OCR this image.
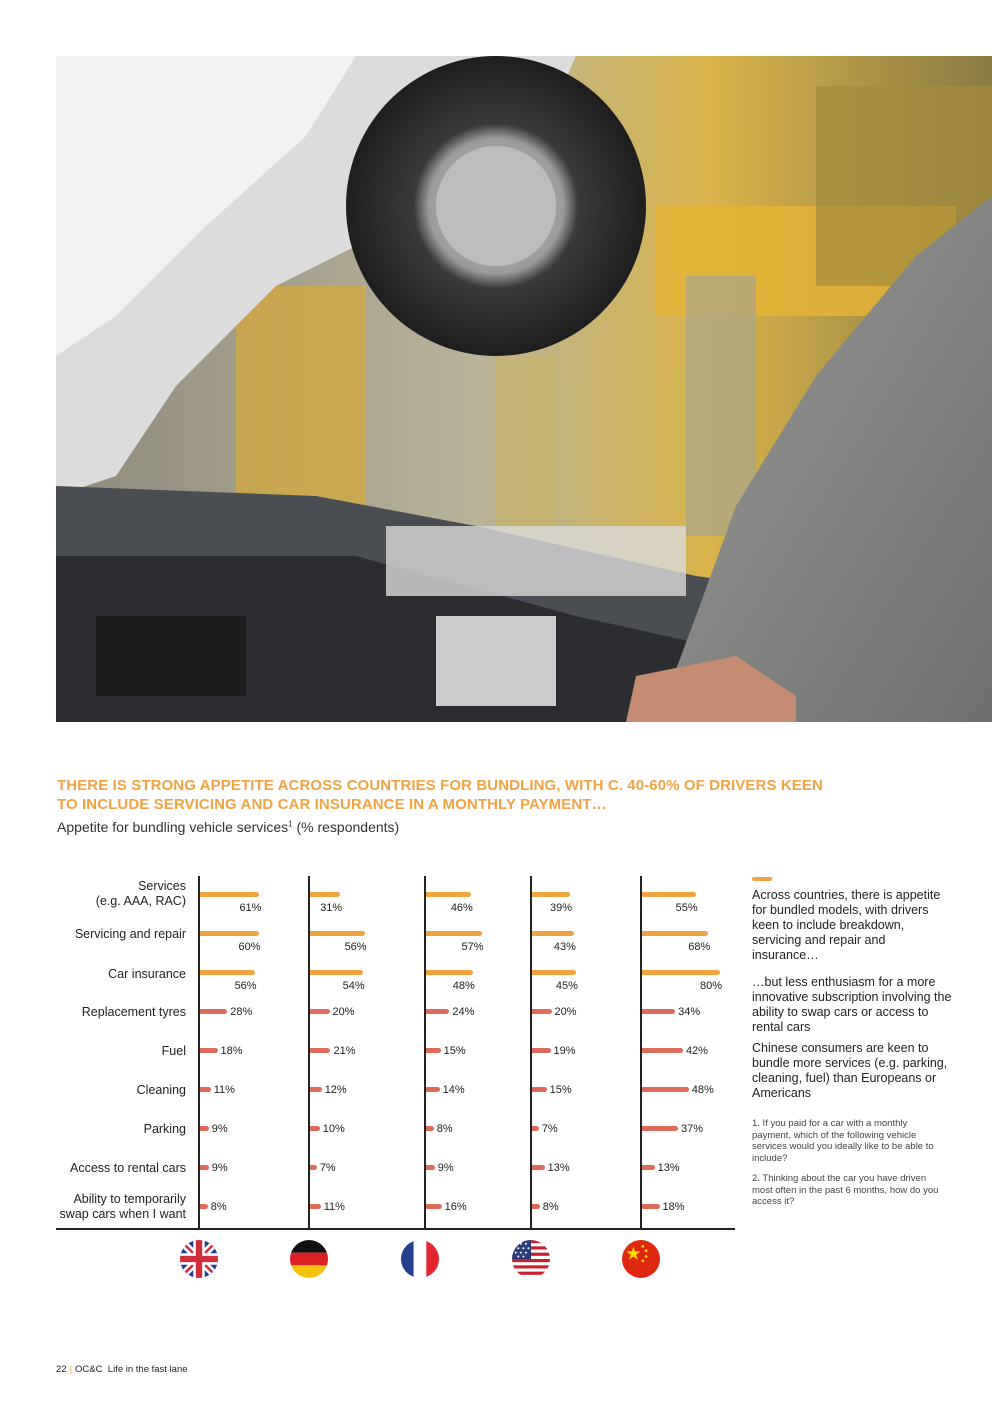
THERE IS STRONG APPETITE ACROSS COUNTRIES FOR BUNDLING, WITH C. 40-60% OF DRIVERS KEEN
TO INCLUDE SERVICING AND CAR INSURANCE IN A MONTHLY PAYMENT…
Appetite for bundling vehicle services$^1$ (% respondents)
Services
(e.g. AAA, RAC)
Servicing and repair
Car insurance
Replacement tyres
Fuel
Cleaning
Parking
Access to rental cars
Ability to temporarily
swap cars when I want
61%
60%
56%
28%
18%
11%
9%
9%
8%
31%
56%
54%
20%
21%
12%
10%
7%
11%
46%
57%
48%
24%
15%
14%
8%
9%
16%
39%
43%
45%
20%
19%
15%
7%
13%
8%
55%
68%
80%
34%
42%
48%
37%
13%
18%
Across countries, there is appetite for bundled models, with drivers keen to include breakdown, servicing and repair and insurance…
…but less enthusiasm for a more innovative subscription involving the ability to swap cars or access to rental cars
Chinese consumers are keen to bundle more services (e.g. parking, cleaning, fuel) than Europeans or Americans
1. If you paid for a car with a monthly payment, which of the following vehicle services would you ideally like to be able to include?
2. Thinking about the car you have driven most often in the past 6 months, how do you access it?
22 | OC&C Life in the fast lane
